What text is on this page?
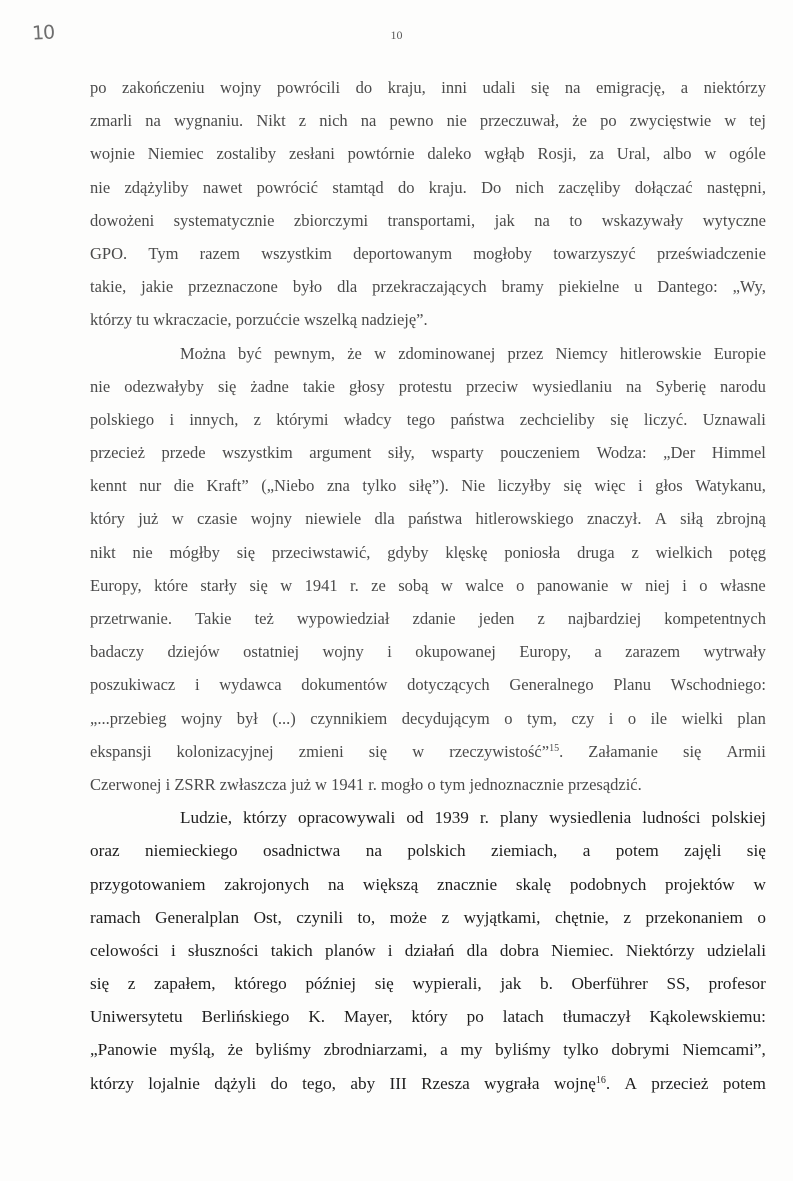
10	10
po zakończeniu wojny powrócili do kraju, inni udali się na emigrację, a niektórzy
zmarli na wygnaniu. Nikt z nich na pewno nie przeczuwał, że po zwycięstwie w tej
wojnie Niemiec zostaliby zesłani powtórnie daleko wgłąb Rosji, za Ural, albo w ogóle
nie zdążyliby nawet powrócić stamtąd do kraju. Do nich zaczęliby dołączać następni,
dowożeni systematycznie zbiorczymi transportami, jak na to wskazywały wytyczne
GPO. Tym razem wszystkim deportowanym mogłoby towarzyszyć przeświadczenie
takie, jakie przeznaczone było dla przekraczających bramy piekielne u Dantego: „Wy,
którzy tu wkraczacie, porzućcie wszelką nadzieję”.
Można być pewnym, że w zdominowanej przez Niemcy hitlerowskie Europie
nie odezwałyby się żadne takie głosy protestu przeciw wysiedlaniu na Syberię narodu
polskiego i innych, z którymi władcy tego państwa zechcieliby się liczyć. Uznawali
przecież przede wszystkim argument siły, wsparty pouczeniem Wodza: „Der Himmel
kennt nur die Kraft” („Niebo zna tylko siłę”). Nie liczyłby się więc i głos Watykanu,
który już w czasie wojny niewiele dla państwa hitlerowskiego znaczył. A siłą zbrojną
nikt nie mógłby się przeciwstawić, gdyby klęskę poniosła druga z wielkich potęg
Europy, które starły się w 1941 r. ze sobą w walce o panowanie w niej i o własne
przetrwanie. Takie też wypowiedział zdanie jeden z najbardziej kompetentnych
badaczy dziejów ostatniej wojny i okupowanej Europy, a zarazem wytrwały
poszukiwacz i wydawca dokumentów dotyczących Generalnego Planu Wschodniego:
„...przebieg wojny był (...) czynnikiem decydującym o tym, czy i o ile wielki plan
ekspansji kolonizacyjnej zmieni się w rzeczywistość”$^{15}$. Załamanie się Armii
Czerwonej i ZSRR zwłaszcza już w 1941 r. mogło o tym jednoznacznie przesądzić.
Ludzie, którzy opracowywali od 1939 r. plany wysiedlenia ludności polskiej
oraz niemieckiego osadnictwa na polskich ziemiach, a potem zajęli się
przygotowaniem zakrojonych na większą znacznie skalę podobnych projektów w
ramach Generalplan Ost, czynili to, może z wyjątkami, chętnie, z przekonaniem o
celowości i słuszności takich planów i działań dla dobra Niemiec. Niektórzy udzielali
się z zapałem, którego później się wypierali, jak b. Oberführer SS, profesor
Uniwersytetu Berlińskiego K. Mayer, który po latach tłumaczył Kąkolewskiemu:
„Panowie myślą, że byliśmy zbrodniarzami, a my byliśmy tylko dobrymi Niemcami”,
którzy lojalnie dążyli do tego, aby III Rzesza wygrała wojnę$^{16}$. A przecież potem
